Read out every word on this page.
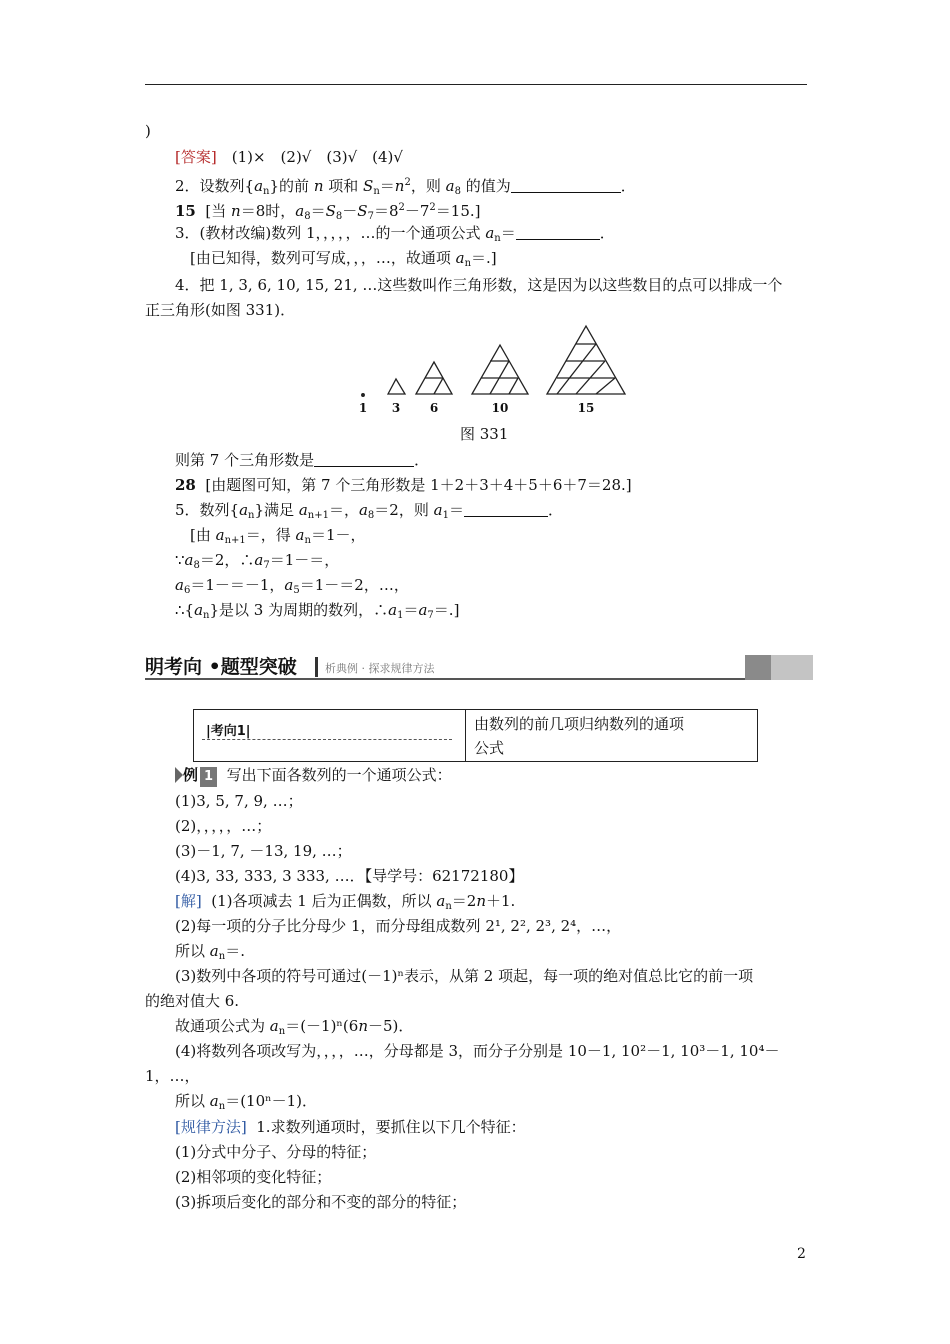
)
[答案]　 (1)×　(2)√　(3)√　(4)√
2．设数列$\{a_n\}$的前 n 项和 $S_n=n^2$，则 $a_8$ 的值为	．
15 [当 n＝8时，$a_8=S_8-S_7=8^2-7^2=15$.]
3．(教材改编)数列 1，，，，，…的一个通项公式 $a_n=$	．
[由已知得，数列可写成，，，…，故通项 $a_n=$.]
4．把 1, 3, 6, 10, 15, 21, …这些数叫作三角形数，这是因为以这些数目的点可以排成一个
正三角形(如图 331)．
1 3 6	10	15
图 331
则第 7 个三角形数是	．
28 [由题图可知，第 7 个三角形数是 1＋2＋3＋4＋5＋6＋7＝28.]
5．数列$\{a_n\}$满足 $a_{n+1}=$，$a_8=2$，则 $a_1=$	．
[由 $a_{n+1}=$，得 $a_n=1-$，
$\because a_8=2$，$\therefore a_7=1-=$，
$a_6=1-=-1$，$a_5=1-=2$，…，
$\therefore\{a_n\}$是以 3 为周期的数列，$\therefore a_1=a_7=$.]
明考向 •题型突破	析典例 · 探求规律方法
|考向1|	由数列的前几项归纳数列的通项
公式
例 1 写出下面各数列的一个通项公式：
(1)3, 5, 7, 9, …；
(2)，，，，，…；
(3)－1, 7, －13, 19, …；
(4)3, 33, 333, 3 333, …．【导学号：62172180】
[解] (1)各项减去 1 后为正偶数，所以 $a_n=2n+1$.
(2)每一项的分子比分母少 1，而分母组成数列 2¹, 2², 2³, 2⁴，…，
所以 $a_n=$.
(3)数列中各项的符号可通过(－1)ⁿ表示，从第 2 项起，每一项的绝对值总比它的前一项
的绝对值大 6.
故通项公式为 $a_n=(-1)^n(6n-5)$．
(4)将数列各项改写为，，，，…，分母都是 3，而分子分别是 10－1, 10²－1, 10³－1, 10⁴－
1，…，
所以 $a_n=(10^n-1)$．
[规律方法] 1.求数列通项时，要抓住以下几个特征：
(1)分式中分子、分母的特征；
(2)相邻项的变化特征；
(3)拆项后变化的部分和不变的部分的特征；
2
